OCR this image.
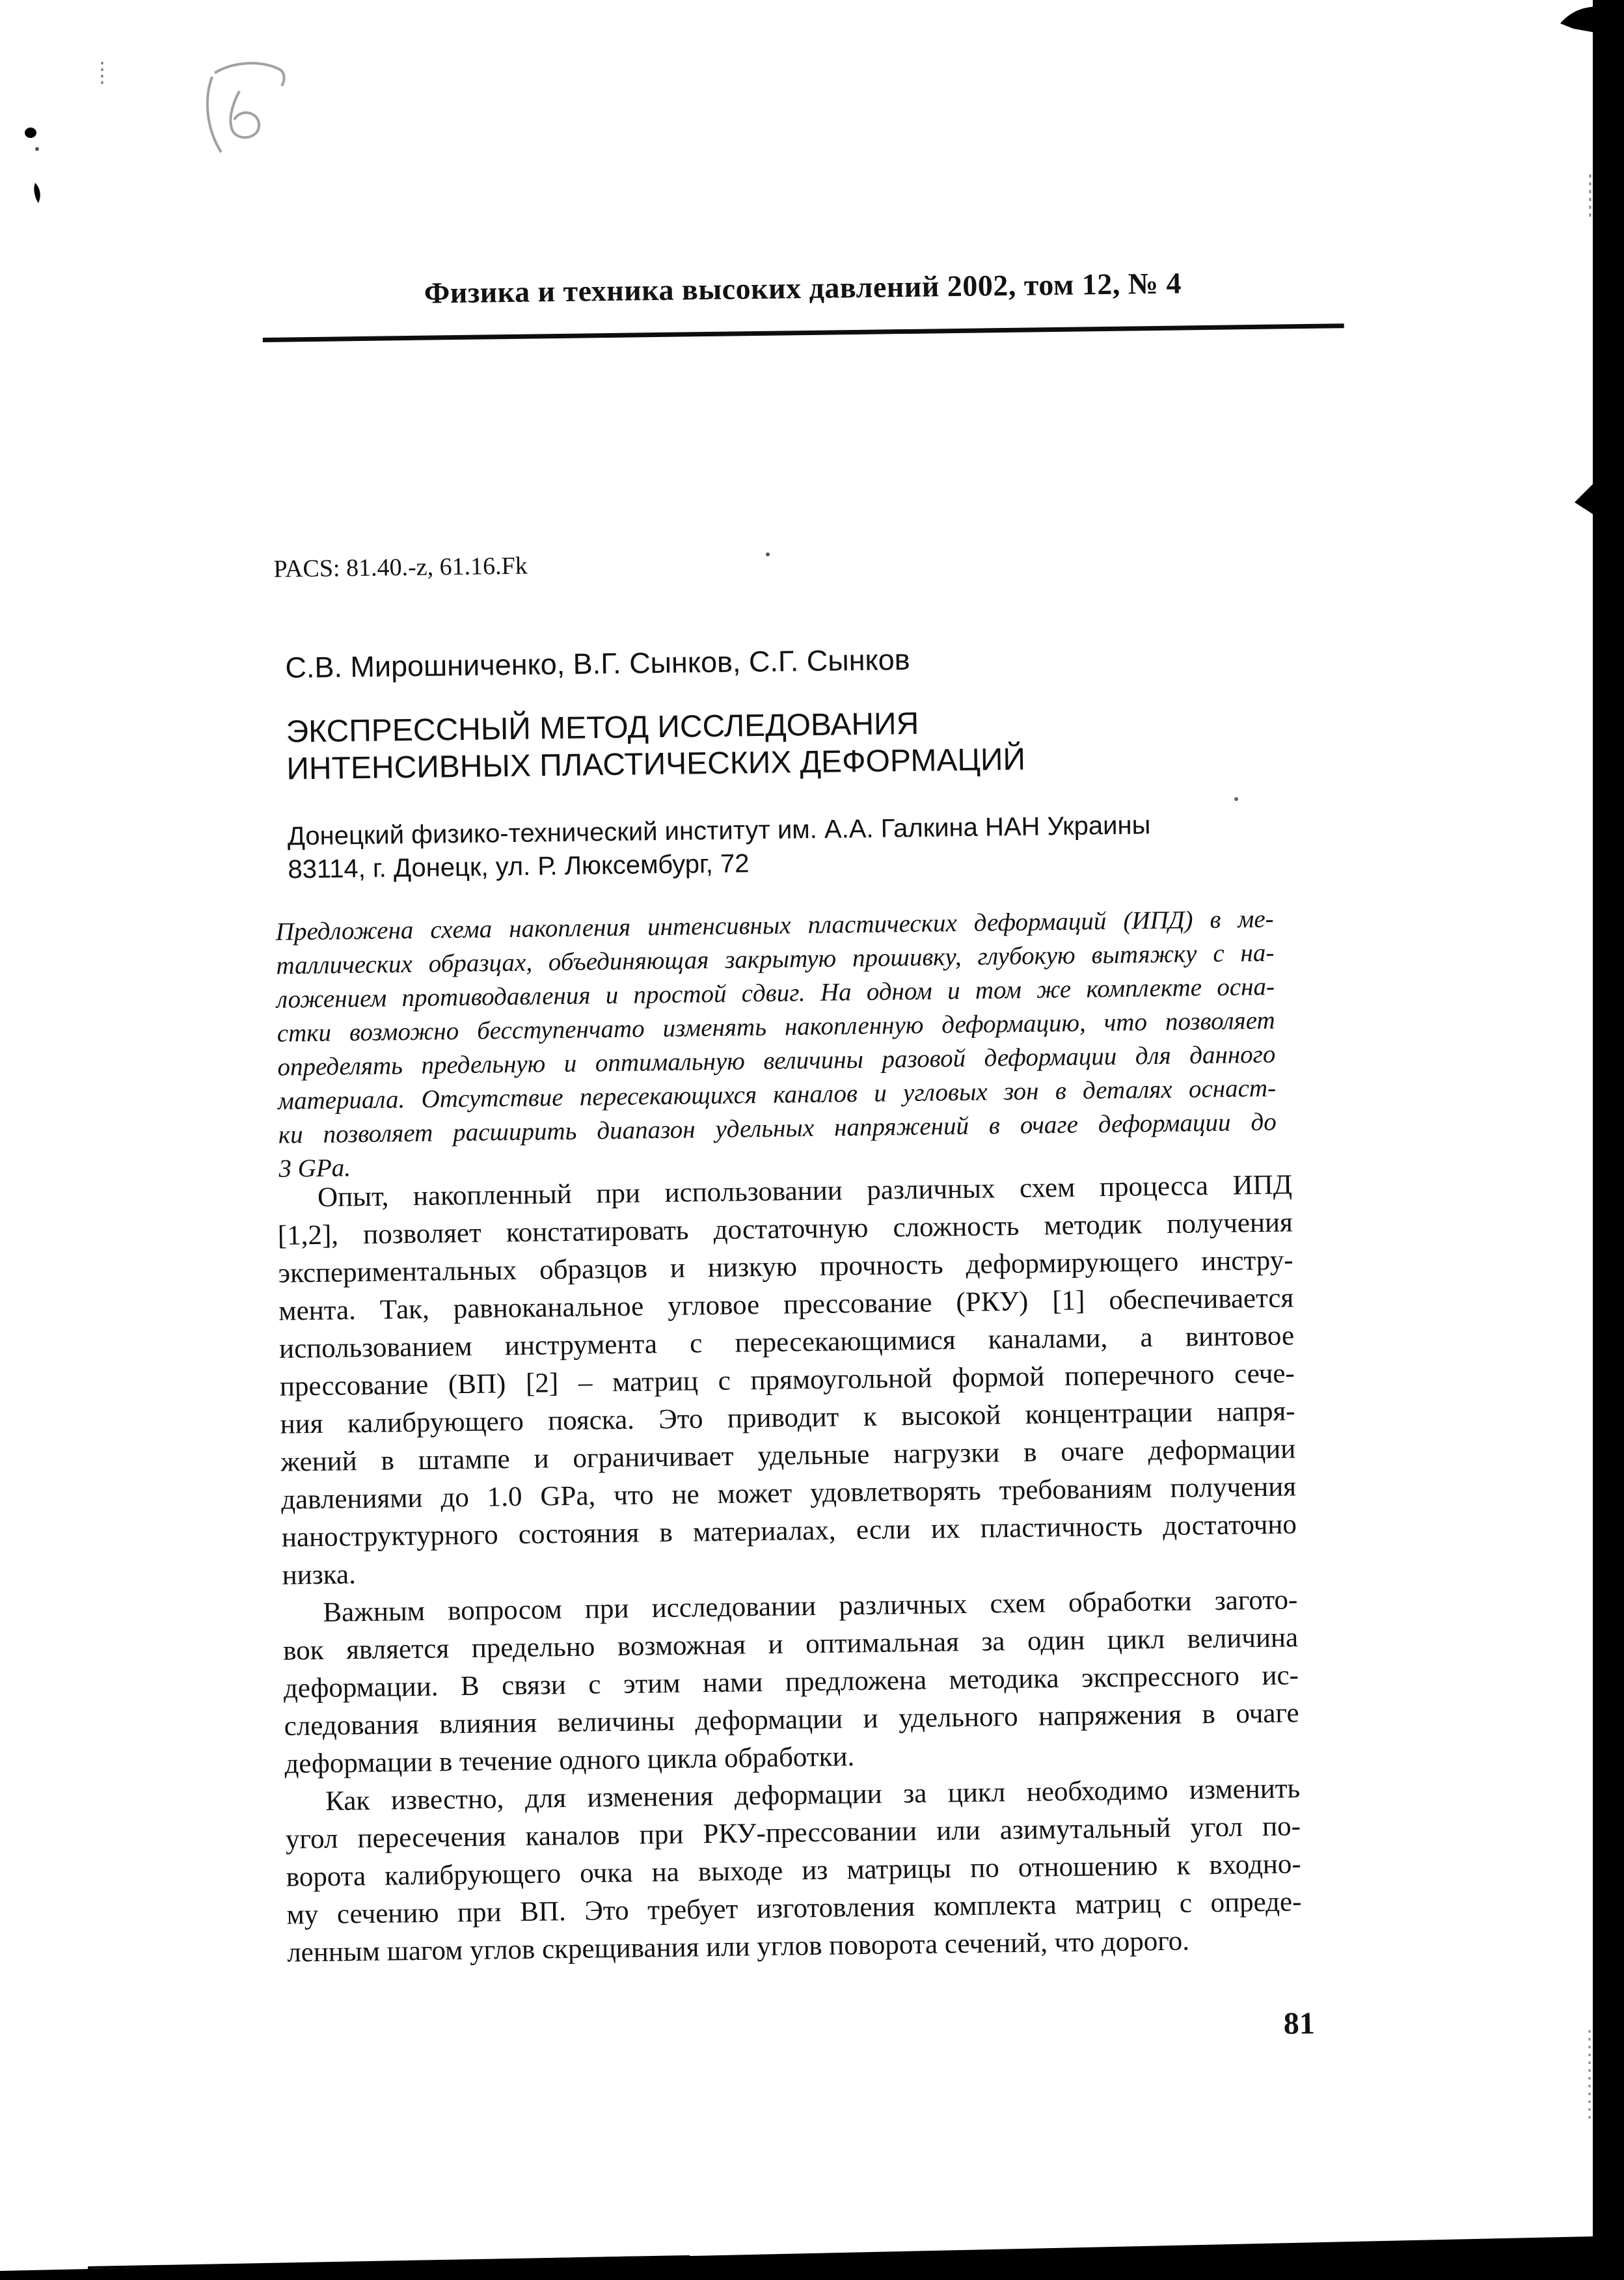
Физика и техника высоких давлений 2002, том 12, № 4
PACS: 81.40.-z, 61.16.Fk
С.В. Мирошниченко, В.Г. Сынков, С.Г. Сынков
ЭКСПРЕССНЫЙ МЕТОД ИССЛЕДОВАНИЯ
ИНТЕНСИВНЫХ ПЛАСТИЧЕСКИХ ДЕФОРМАЦИЙ
Донецкий физико-технический институт им. А.А. Галкина НАН Украины
83114, г. Донецк, ул. Р. Люксембург, 72
Предложена схема накопления интенсивных пластических деформаций (ИПД) в ме-
таллических образцах, объединяющая закрытую прошивку, глубокую вытяжку с на-
ложением противодавления и простой сдвиг. На одном и том же комплекте осна-
стки возможно бесступенчато изменять накопленную деформацию, что позволяет
определять предельную и оптимальную величины разовой деформации для данного
материала. Отсутствие пересекающихся каналов и угловых зон в деталях оснаст-
ки позволяет расширить диапазон удельных напряжений в очаге деформации до
3 GPa.
Опыт, накопленный при использовании различных схем процесса ИПД
[1,2], позволяет констатировать достаточную сложность методик получения
экспериментальных образцов и низкую прочность деформирующего инстру-
мента. Так, равноканальное угловое прессование (РКУ) [1] обеспечивается
использованием инструмента с пересекающимися каналами, а винтовое
прессование (ВП) [2] – матриц с прямоугольной формой поперечного сече-
ния калибрующего пояска. Это приводит к высокой концентрации напря-
жений в штампе и ограничивает удельные нагрузки в очаге деформации
давлениями до 1.0 GPa, что не может удовлетворять требованиям получения
наноструктурного состояния в материалах, если их пластичность достаточно
низка.
Важным вопросом при исследовании различных схем обработки загото-
вок является предельно возможная и оптимальная за один цикл величина
деформации. В связи с этим нами предложена методика экспрессного ис-
следования влияния величины деформации и удельного напряжения в очаге
деформации в течение одного цикла обработки.
Как известно, для изменения деформации за цикл необходимо изменить
угол пересечения каналов при РКУ-прессовании или азимутальный угол по-
ворота калибрующего очка на выходе из матрицы по отношению к входно-
му сечению при ВП. Это требует изготовления комплекта матриц с опреде-
ленным шагом углов скрещивания или углов поворота сечений, что дорого.
81
